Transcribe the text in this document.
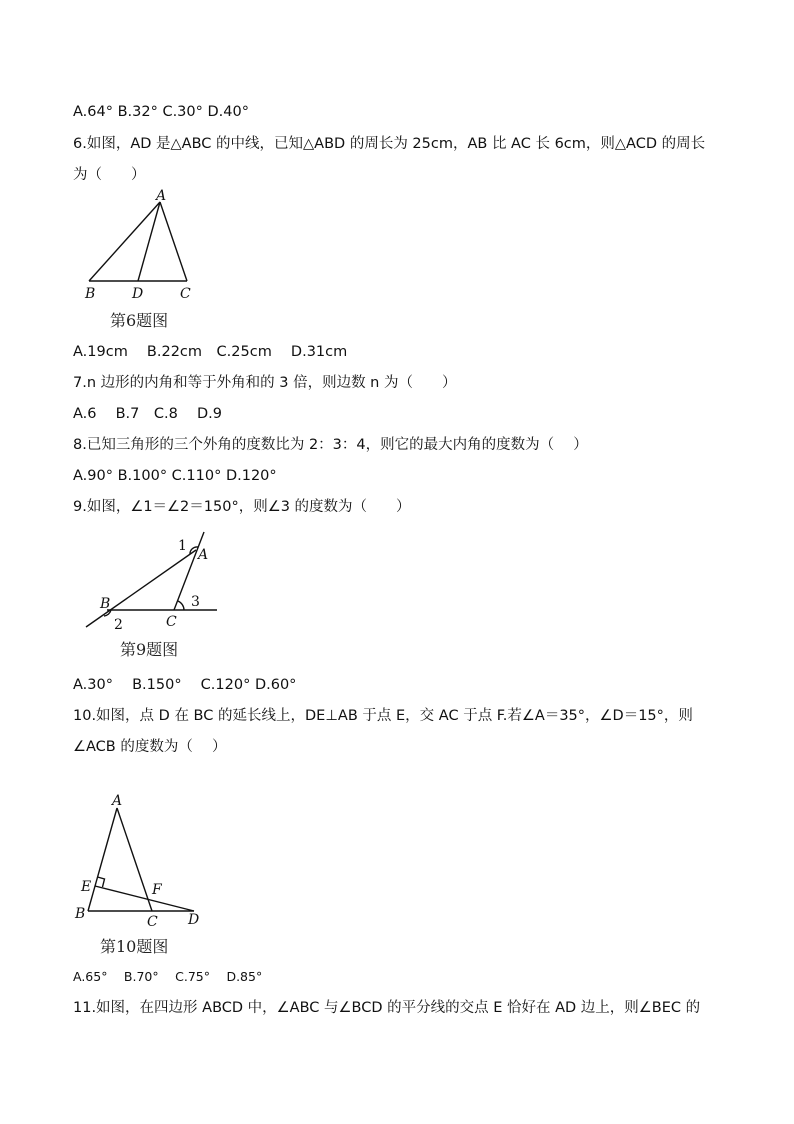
A.64° B.32° C.30° D.40°
6.如图，AD 是△ABC 的中线，已知△ABD 的周长为 25cm，AB 比 AC 长 6cm，则△ACD 的周长
为（　　）
A
B	D	C
第6题图
A.19cm 　B.22cm　C.25cm　 D.31cm
7.n 边形的内角和等于外角和的 3 倍，则边数 n 为（　　）
A.6 　B.7　C.8 　D.9
8.已知三角形的三个外角的度数比为 2：3：4，则它的最大内角的度数为（　 ）
A.90° B.100° C.110° D.120°
9.如图，∠1＝∠2＝150°，则∠3 的度数为（　　）
1
A
B
2	C
3
第9题图
A.30° 　B.150° 　C.120° D.60°
10.如图，点 D 在 BC 的延长线上，DE⊥AB 于点 E，交 AC 于点 F.若∠A＝35°，∠D＝15°，则
∠ACB 的度数为（　 ）
A
E	F
B	C D
第10题图
A.65°　 B.70°　 C.75°　 D.85°
11.如图，在四边形 ABCD 中，∠ABC 与∠BCD 的平分线的交点 E 恰好在 AD 边上，则∠BEC 的
